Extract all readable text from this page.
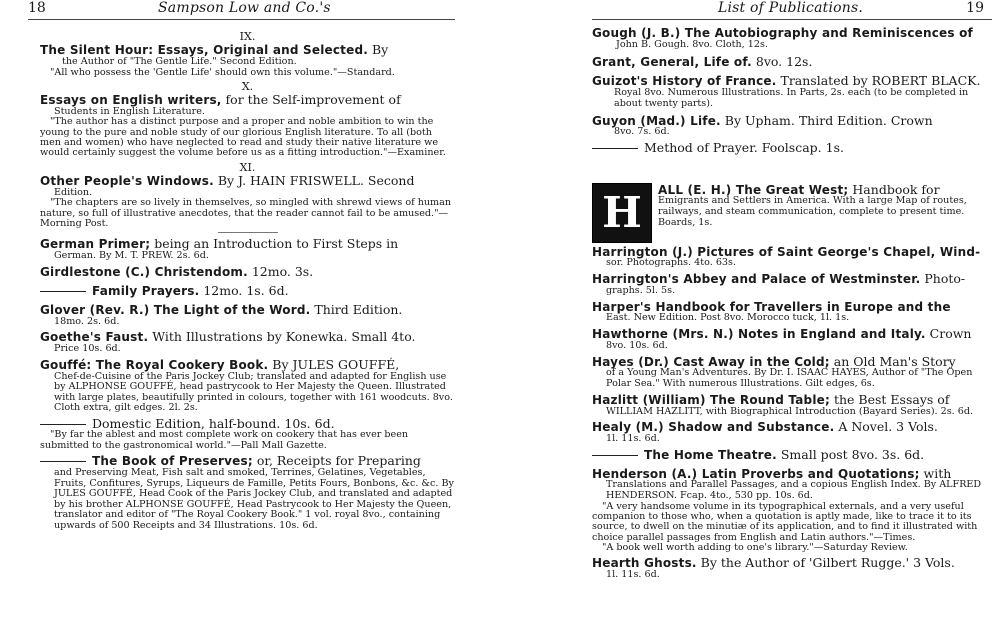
18	Sampson Low and Co.'s

IX.

The Silent Hour: Essays, Original and Selected. By

the Author of "The Gentle Life." Second Edition.

"All who possess the 'Gentle Life' should own this volume."—Standard.

X.

Essays on English writers, for the Self-improvement of

Students in English Literature.

"The author has a distinct purpose and a proper and noble ambition to win the young to the pure and noble study of our glorious English literature. To all (both men and women) who have neglected to read and study their native literature we would certainly suggest the volume before us as a fitting introduction."—Examiner.

XI.

Other People's Windows. By J. HAIN FRISWELL. Second

Edition.

"The chapters are so lively in themselves, so mingled with shrewd views of human nature, so full of illustrative anecdotes, that the reader cannot fail to be amused."—Morning Post.

German Primer; being an Introduction to First Steps in

German. By M. T. PREW. 2s. 6d.

Girdlestone (C.) Christendom. 12mo. 3s.

Family Prayers. 12mo. 1s. 6d.

Glover (Rev. R.) The Light of the Word. Third Edition.

18mo. 2s. 6d.

Goethe's Faust. With Illustrations by Konewka. Small 4to.

Price 10s. 6d.

Gouffé: The Royal Cookery Book. By JULES GOUFFÉ,

Chef-de-Cuisine of the Paris Jockey Club; translated and adapted for English use by ALPHONSE GOUFFÉ, head pastrycook to Her Majesty the Queen. Illustrated with large plates, beautifully printed in colours, together with 161 woodcuts. 8vo. Cloth extra, gilt edges. 2l. 2s.

Domestic Edition, half-bound. 10s. 6d.

"By far the ablest and most complete work on cookery that has ever been submitted to the gastronomical world."—Pall Mall Gazette.

The Book of Preserves; or, Receipts for Preparing

and Preserving Meat, Fish salt and smoked, Terrines, Gelatines, Vegetables, Fruits, Confitures, Syrups, Liqueurs de Famille, Petits Fours, Bonbons, &c. &c. By JULES GOUFFÉ, Head Cook of the Paris Jockey Club, and translated and adapted by his brother ALPHONSE GOUFFÉ, Head Pastrycook to Her Majesty the Queen, translator and editor of "The Royal Cookery Book." 1 vol. royal 8vo., containing upwards of 500 Receipts and 34 Illustrations. 10s. 6d.

List of Publications.	19

Gough (J. B.) The Autobiography and Reminiscences of

John B. Gough. 8vo. Cloth, 12s.

Grant, General, Life of. 8vo. 12s.

Guizot's History of France. Translated by ROBERT BLACK.

Royal 8vo. Numerous Illustrations. In Parts, 2s. each (to be completed in about twenty parts).

Guyon (Mad.) Life. By Upham. Third Edition. Crown

8vo. 7s. 6d.

Method of Prayer. Foolscap. 1s.

H	ALL (E. H.) The Great West; Handbook for

Emigrants and Settlers in America. With a large Map of routes, railways, and steam communication, complete to present time. Boards, 1s.

Harrington (J.) Pictures of Saint George's Chapel, Wind-

sor. Photographs. 4to. 63s.

Harrington's Abbey and Palace of Westminster. Photo-

graphs. 5l. 5s.

Harper's Handbook for Travellers in Europe and the

East. New Edition. Post 8vo. Morocco tuck, 1l. 1s.

Hawthorne (Mrs. N.) Notes in England and Italy. Crown

8vo. 10s. 6d.

Hayes (Dr.) Cast Away in the Cold; an Old Man's Story

of a Young Man's Adventures. By Dr. I. ISAAC HAYES, Author of "The Open Polar Sea." With numerous Illustrations. Gilt edges, 6s.

Hazlitt (William) The Round Table; the Best Essays of

WILLIAM HAZLITT, with Biographical Introduction (Bayard Series). 2s. 6d.

Healy (M.) Shadow and Substance. A Novel. 3 Vols.

1l. 11s. 6d.

The Home Theatre. Small post 8vo. 3s. 6d.

Henderson (A.) Latin Proverbs and Quotations; with

Translations and Parallel Passages, and a copious English Index. By ALFRED HENDERSON. Fcap. 4to., 530 pp. 10s. 6d.

"A very handsome volume in its typographical externals, and a very useful companion to those who, when a quotation is aptly made, like to trace it to its source, to dwell on the minutiæ of its application, and to find it illustrated with choice parallel passages from English and Latin authors."—Times.

"A book well worth adding to one's library."—Saturday Review.

Hearth Ghosts. By the Author of 'Gilbert Rugge.' 3 Vols.

1l. 11s. 6d.
